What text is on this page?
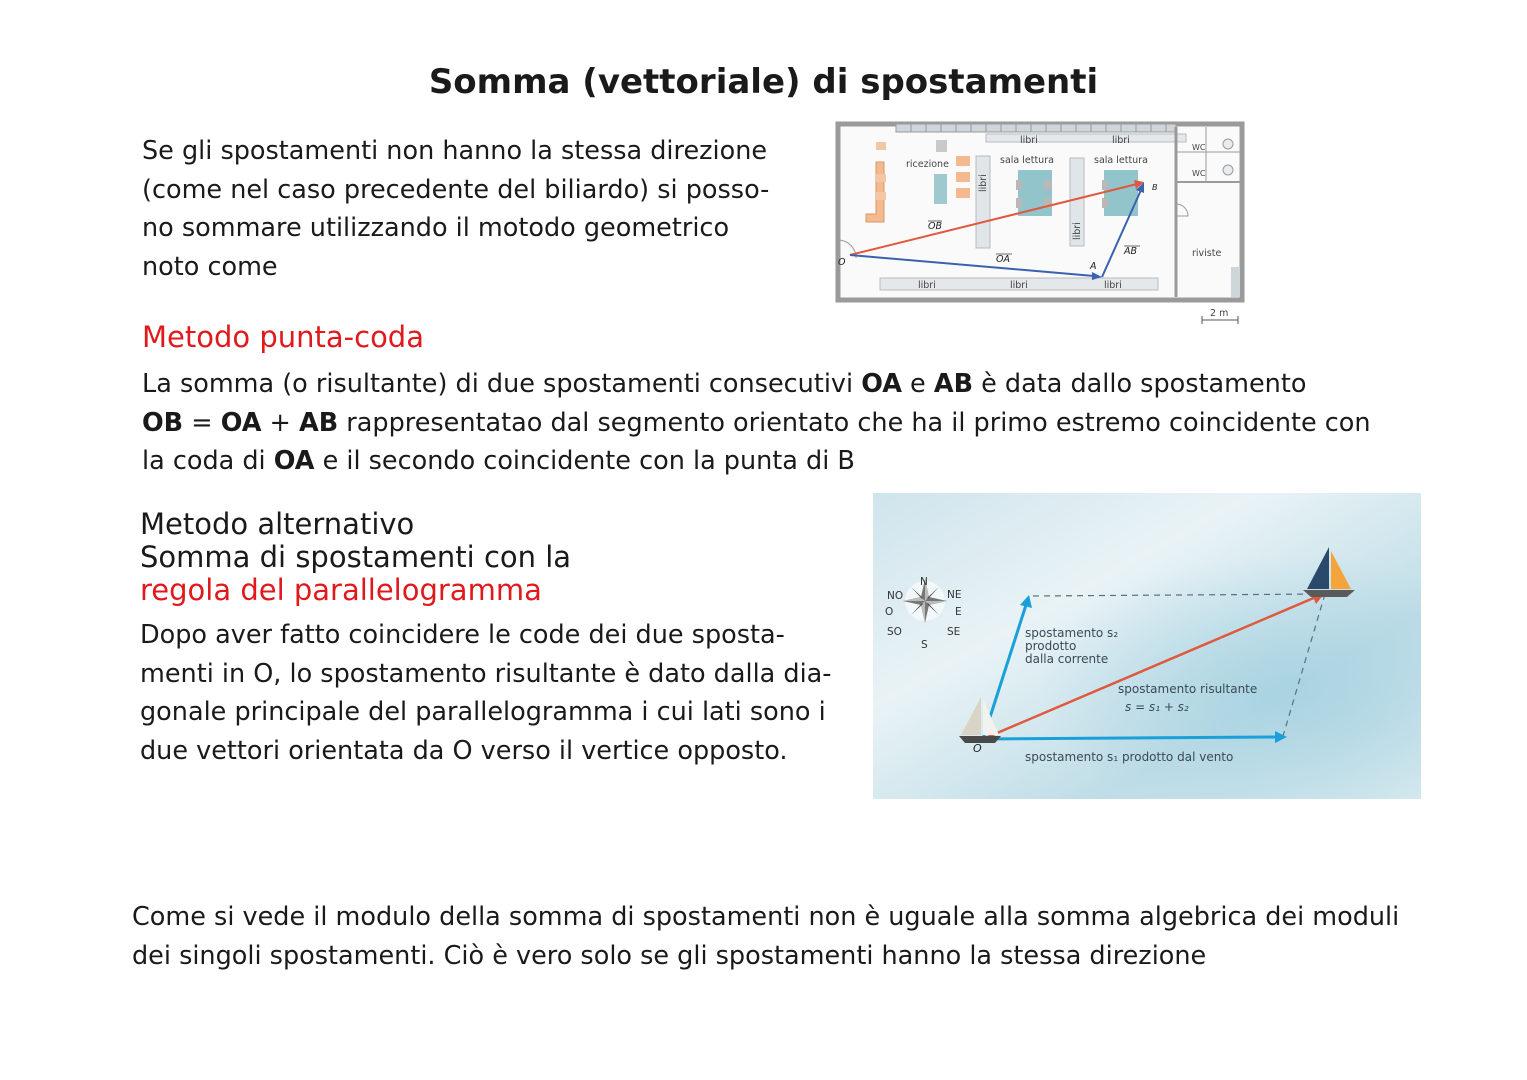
Somma (vettoriale) di spostamenti
Se gli spostamenti non hanno la stessa direzione
(come nel caso precedente del biliardo) si posso-
no sommare utilizzando il motodo geometrico
noto come
ricezione	sala lettura	sala lettura
libri	libri
libri	libri	libri
libri
libri
riviste
2 m
WC
WC
O	A
B
OB
OA
AB
Metodo punta-coda
La somma (o risultante) di due spostamenti consecutivi OA e AB è data dallo spostamento
OB = OA + AB rappresentatao dal segmento orientato che ha il primo estremo coincidente con
la coda di OA e il secondo coincidente con la punta di B
Metodo alternativo
Somma di spostamenti con la
regola del parallelogramma
Dopo aver fatto coincidere le code dei due sposta-
menti in O, lo spostamento risultante è dato dalla dia-
gonale principale del parallelogramma i cui lati sono i
due vettori orientata da O verso il vertice opposto.
N
S
E
O
NE
NO
SE
SO
O
spostamento s₂
prodotto
dalla corrente
spostamento risultante
s = s₁ + s₂
spostamento s₁ prodotto dal vento
Come si vede il modulo della somma di spostamenti non è uguale alla somma algebrica dei moduli
dei singoli spostamenti. Ciò è vero solo se gli spostamenti hanno la stessa direzione
